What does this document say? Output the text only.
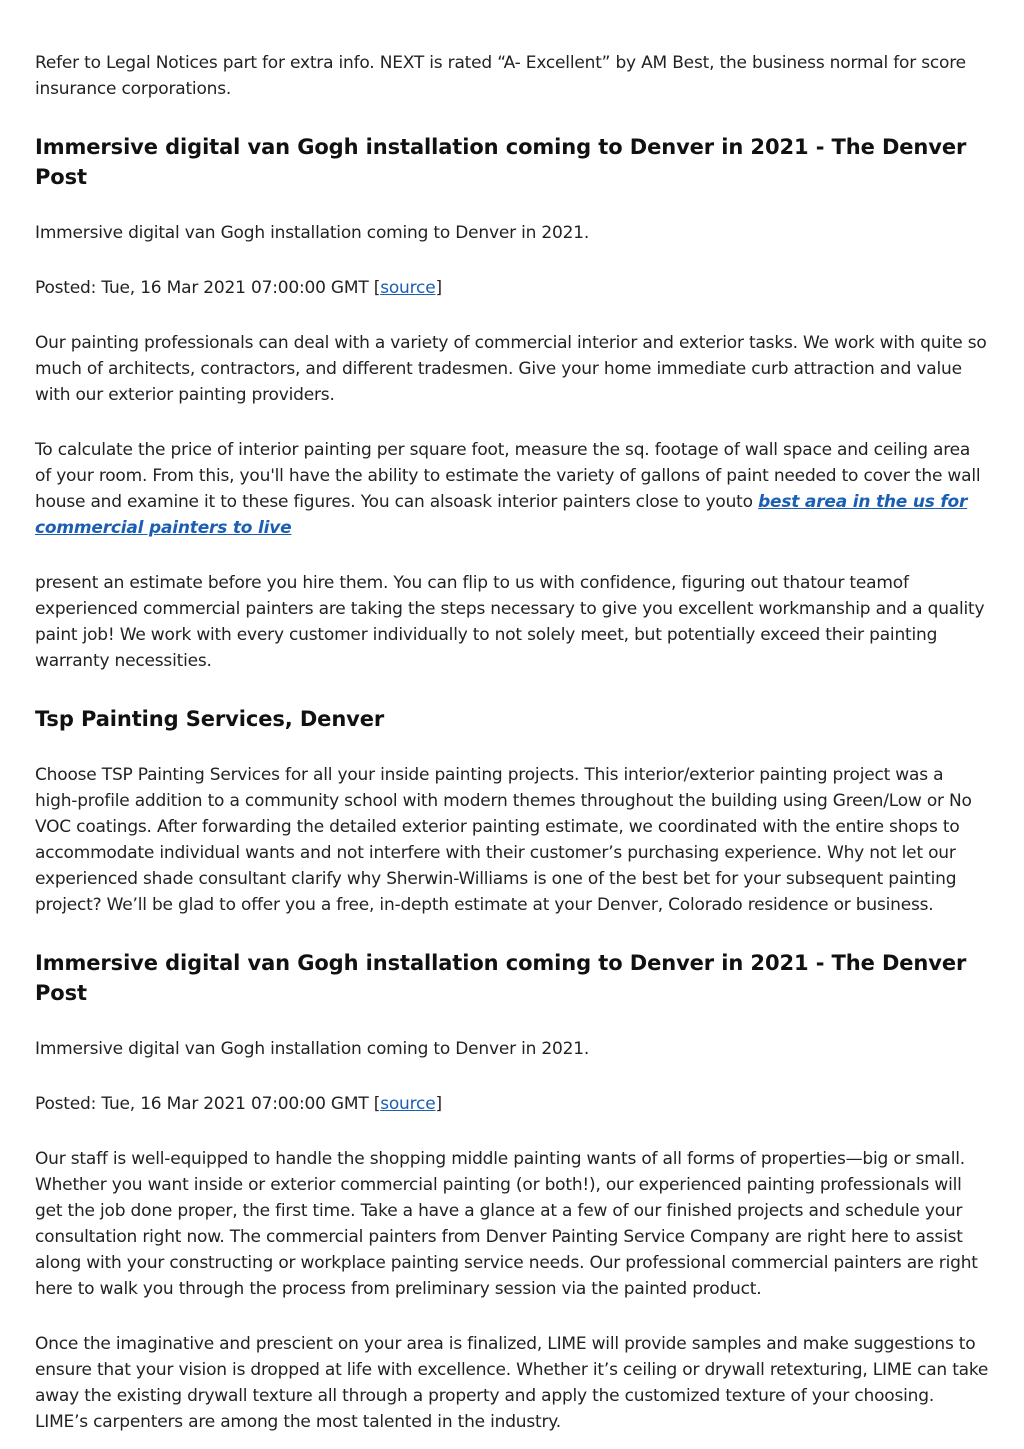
Refer to Legal Notices part for extra info. NEXT is rated “A- Excellent” by AM Best, the business normal for score insurance corporations.

Immersive digital van Gogh installation coming to Denver in 2021 - The Denver Post

Immersive digital van Gogh installation coming to Denver in 2021.

Posted: Tue, 16 Mar 2021 07:00:00 GMT [source]

Our painting professionals can deal with a variety of commercial interior and exterior tasks. We work with quite so much of architects, contractors, and different tradesmen. Give your home immediate curb attraction and value with our exterior painting providers.

To calculate the price of interior painting per square foot, measure the sq. footage of wall space and ceiling area of your room. From this, you'll have the ability to estimate the variety of gallons of paint needed to cover the wall house and examine it to these figures. You can alsoask interior painters close to youto best area in the us for commercial painters to live

present an estimate before you hire them. You can flip to us with confidence, figuring out thatour teamof experienced commercial painters are taking the steps necessary to give you excellent workmanship and a quality paint job! We work with every customer individually to not solely meet, but potentially exceed their painting warranty necessities.

Tsp Painting Services, Denver

Choose TSP Painting Services for all your inside painting projects. This interior/exterior painting project was a high-profile addition to a community school with modern themes throughout the building using Green/Low or No VOC coatings. After forwarding the detailed exterior painting estimate, we coordinated with the entire shops to accommodate individual wants and not interfere with their customer’s purchasing experience. Why not let our experienced shade consultant clarify why Sherwin-Williams is one of the best bet for your subsequent painting project? We’ll be glad to offer you a free, in-depth estimate at your Denver, Colorado residence or business.

Immersive digital van Gogh installation coming to Denver in 2021 - The Denver Post

Immersive digital van Gogh installation coming to Denver in 2021.

Posted: Tue, 16 Mar 2021 07:00:00 GMT [source]

Our staff is well-equipped to handle the shopping middle painting wants of all forms of properties—big or small. Whether you want inside or exterior commercial painting (or both!), our experienced painting professionals will get the job done proper, the first time. Take a have a glance at a few of our finished projects and schedule your consultation right now. The commercial painters from Denver Painting Service Company are right here to assist along with your constructing or workplace painting service needs. Our professional commercial painters are right here to walk you through the process from preliminary session via the painted product.

Once the imaginative and prescient on your area is finalized, LIME will provide samples and make suggestions to ensure that your vision is dropped at life with excellence. Whether it’s ceiling or drywall retexturing, LIME can take away the existing drywall texture all through a property and apply the customized texture of your choosing. LIME’s carpenters are among the most talented in the industry.
